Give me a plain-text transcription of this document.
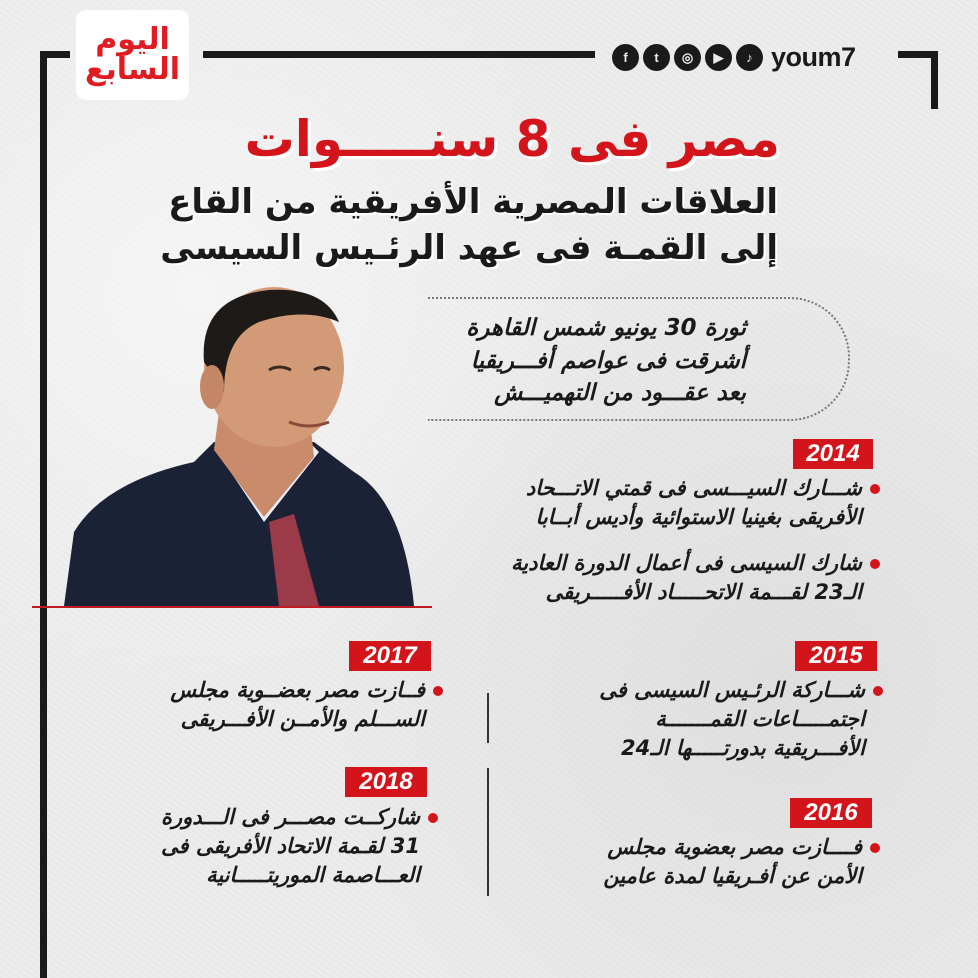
اليوم
السابع	f	t	◎	▶	♪ youm7
مصر فى 8 سنـــــوات
العلاقات المصرية الأفريقية من القاع
إلى القمـة فى عهد الرئـيس السيسى
ثورة 30 يونيو شمس القاهرة
أشرقت فى عواصم أفـــريقيا
بعد عقـــود من التهميـــش
2014
شـــارك السيـــسى فى قمتي الاتـــحاد
الأفريقى بغينيا الاستوائية وأديس أبــابا
شارك السيسى فى أعمال الدورة العادية
الـ23 لقـــمة الاتحـــــاد الأفـــــريقى
2015
شـــاركة الرئـيس السيسى فى
اجتمـــــاعات القمـــــــة
الأفـــريقية بدورتـــــها الـ24
2016
فــــازت مصر بعضوية مجلس
الأمن عن أفـريقيا لمدة عامين
2017
فــازت مصر بعضــوية مجلس
الســـلم والأمــن الأفـــريقى
2018
شاركــت مصـــر فى الـــدورة
31 لقـمة الاتحاد الأفريقى فى
العـــاصمة الموريتـــــانية
